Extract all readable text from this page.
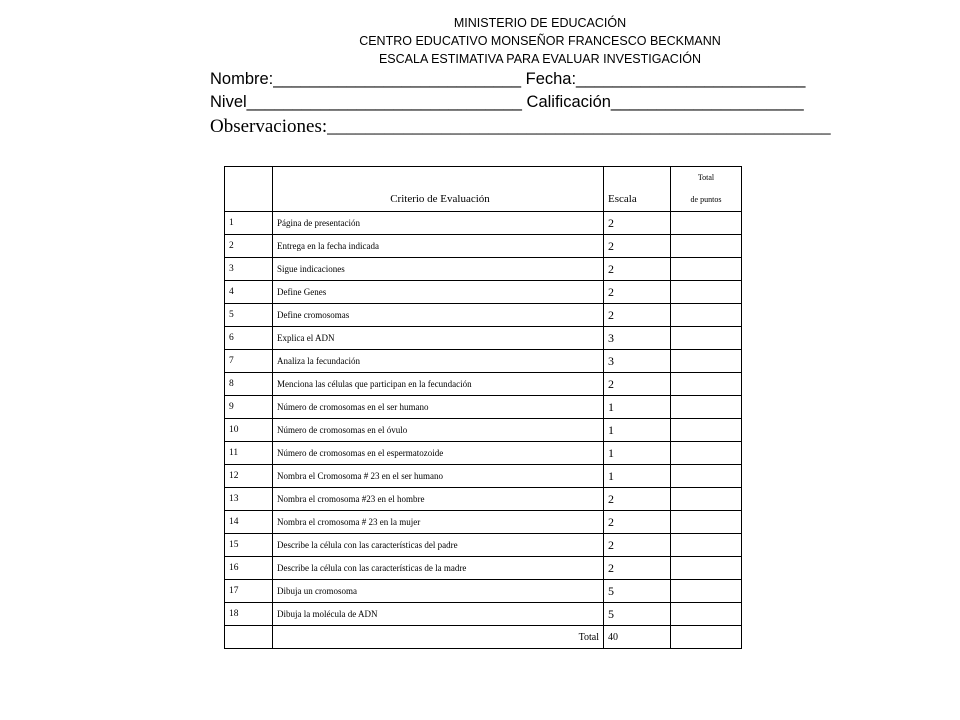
MINISTERIO DE EDUCACIÓN
CENTRO EDUCATIVO MONSEÑOR FRANCESCO BECKMANN
ESCALA ESTIMATIVA PARA EVALUAR INVESTIGACIÓN
Nombre:___________________________ Fecha:_________________________
Nivel______________________________ Calificación_____________________
Observaciones:_____________________________________________________
	Criterio de Evaluación	Escala	Total
de puntos

1	Página de presentación	2	
2	Entrega en la fecha indicada	2	
3	Sigue indicaciones	2	
4	Define Genes	2	
5	Define cromosomas	2	
6	Explica el ADN	3	
7	Analiza la fecundación	3	
8	Menciona las células que participan en la fecundación	2	
9	Número de cromosomas en el ser humano	1	
10	Número de cromosomas en el óvulo	1	
11	Número de cromosomas en el espermatozoide	1	
12	Nombra el Cromosoma # 23 en el ser humano	1	
13	Nombra el cromosoma #23 en el hombre	2	
14	Nombra el cromosoma # 23 en la mujer	2	
15	Describe la célula con las características del padre	2	
16	Describe la célula con las características de la madre	2	
17	Dibuja un cromosoma	5	
18	Dibuja la molécula de ADN	5	
	Total	40	
